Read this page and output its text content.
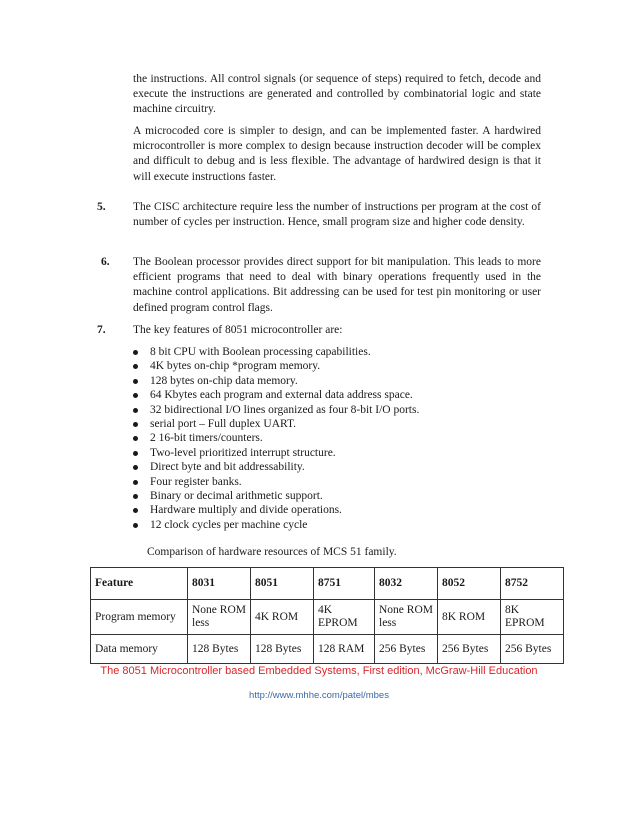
the instructions. All control signals (or sequence of steps) required to fetch, decode and execute the instructions are generated and controlled by combinatorial logic and state machine circuitry.

A microcoded core is simpler to design, and can be implemented faster. A hardwired microcontroller is more complex to design because instruction decoder will be complex and difficult to debug and is less flexible. The advantage of hardwired design is that it will execute instructions faster.

5. The CISC architecture require less the number of instructions per program at the cost of number of cycles per instruction. Hence, small program size and higher code density.

6. The Boolean processor provides direct support for bit manipulation. This leads to more efficient programs that need to deal with binary operations frequently used in the machine control applications. Bit addressing can be used for test pin monitoring or user defined program control flags.

7. The key features of 8051 microcontroller are:

8 bit CPU with Boolean processing capabilities.
4K bytes on-chip *program memory.
128 bytes on-chip data memory.
64 Kbytes each program and external data address space.
32 bidirectional I/O lines organized as four 8-bit I/O ports.
serial port – Full duplex UART.
2 16-bit timers/counters.
Two-level prioritized interrupt structure.
Direct byte and bit addressability.
Four register banks.
Binary or decimal arithmetic support.
Hardware multiply and divide operations.
12 clock cycles per machine cycle
Comparison of hardware resources of MCS 51 family.
Feature	8031	8051	8751	8032	8052	8752
Program memory	None ROM less	4K ROM	4K EPROM	None ROM less	8K ROM	8K EPROM
Data memory	128 Bytes	128 Bytes	128 RAM	256 Bytes	256 Bytes	256 Bytes
The 8051 Microcontroller based Embedded Systems, First edition, McGraw-Hill Education
http://www.mhhe.com/patel/mbes
